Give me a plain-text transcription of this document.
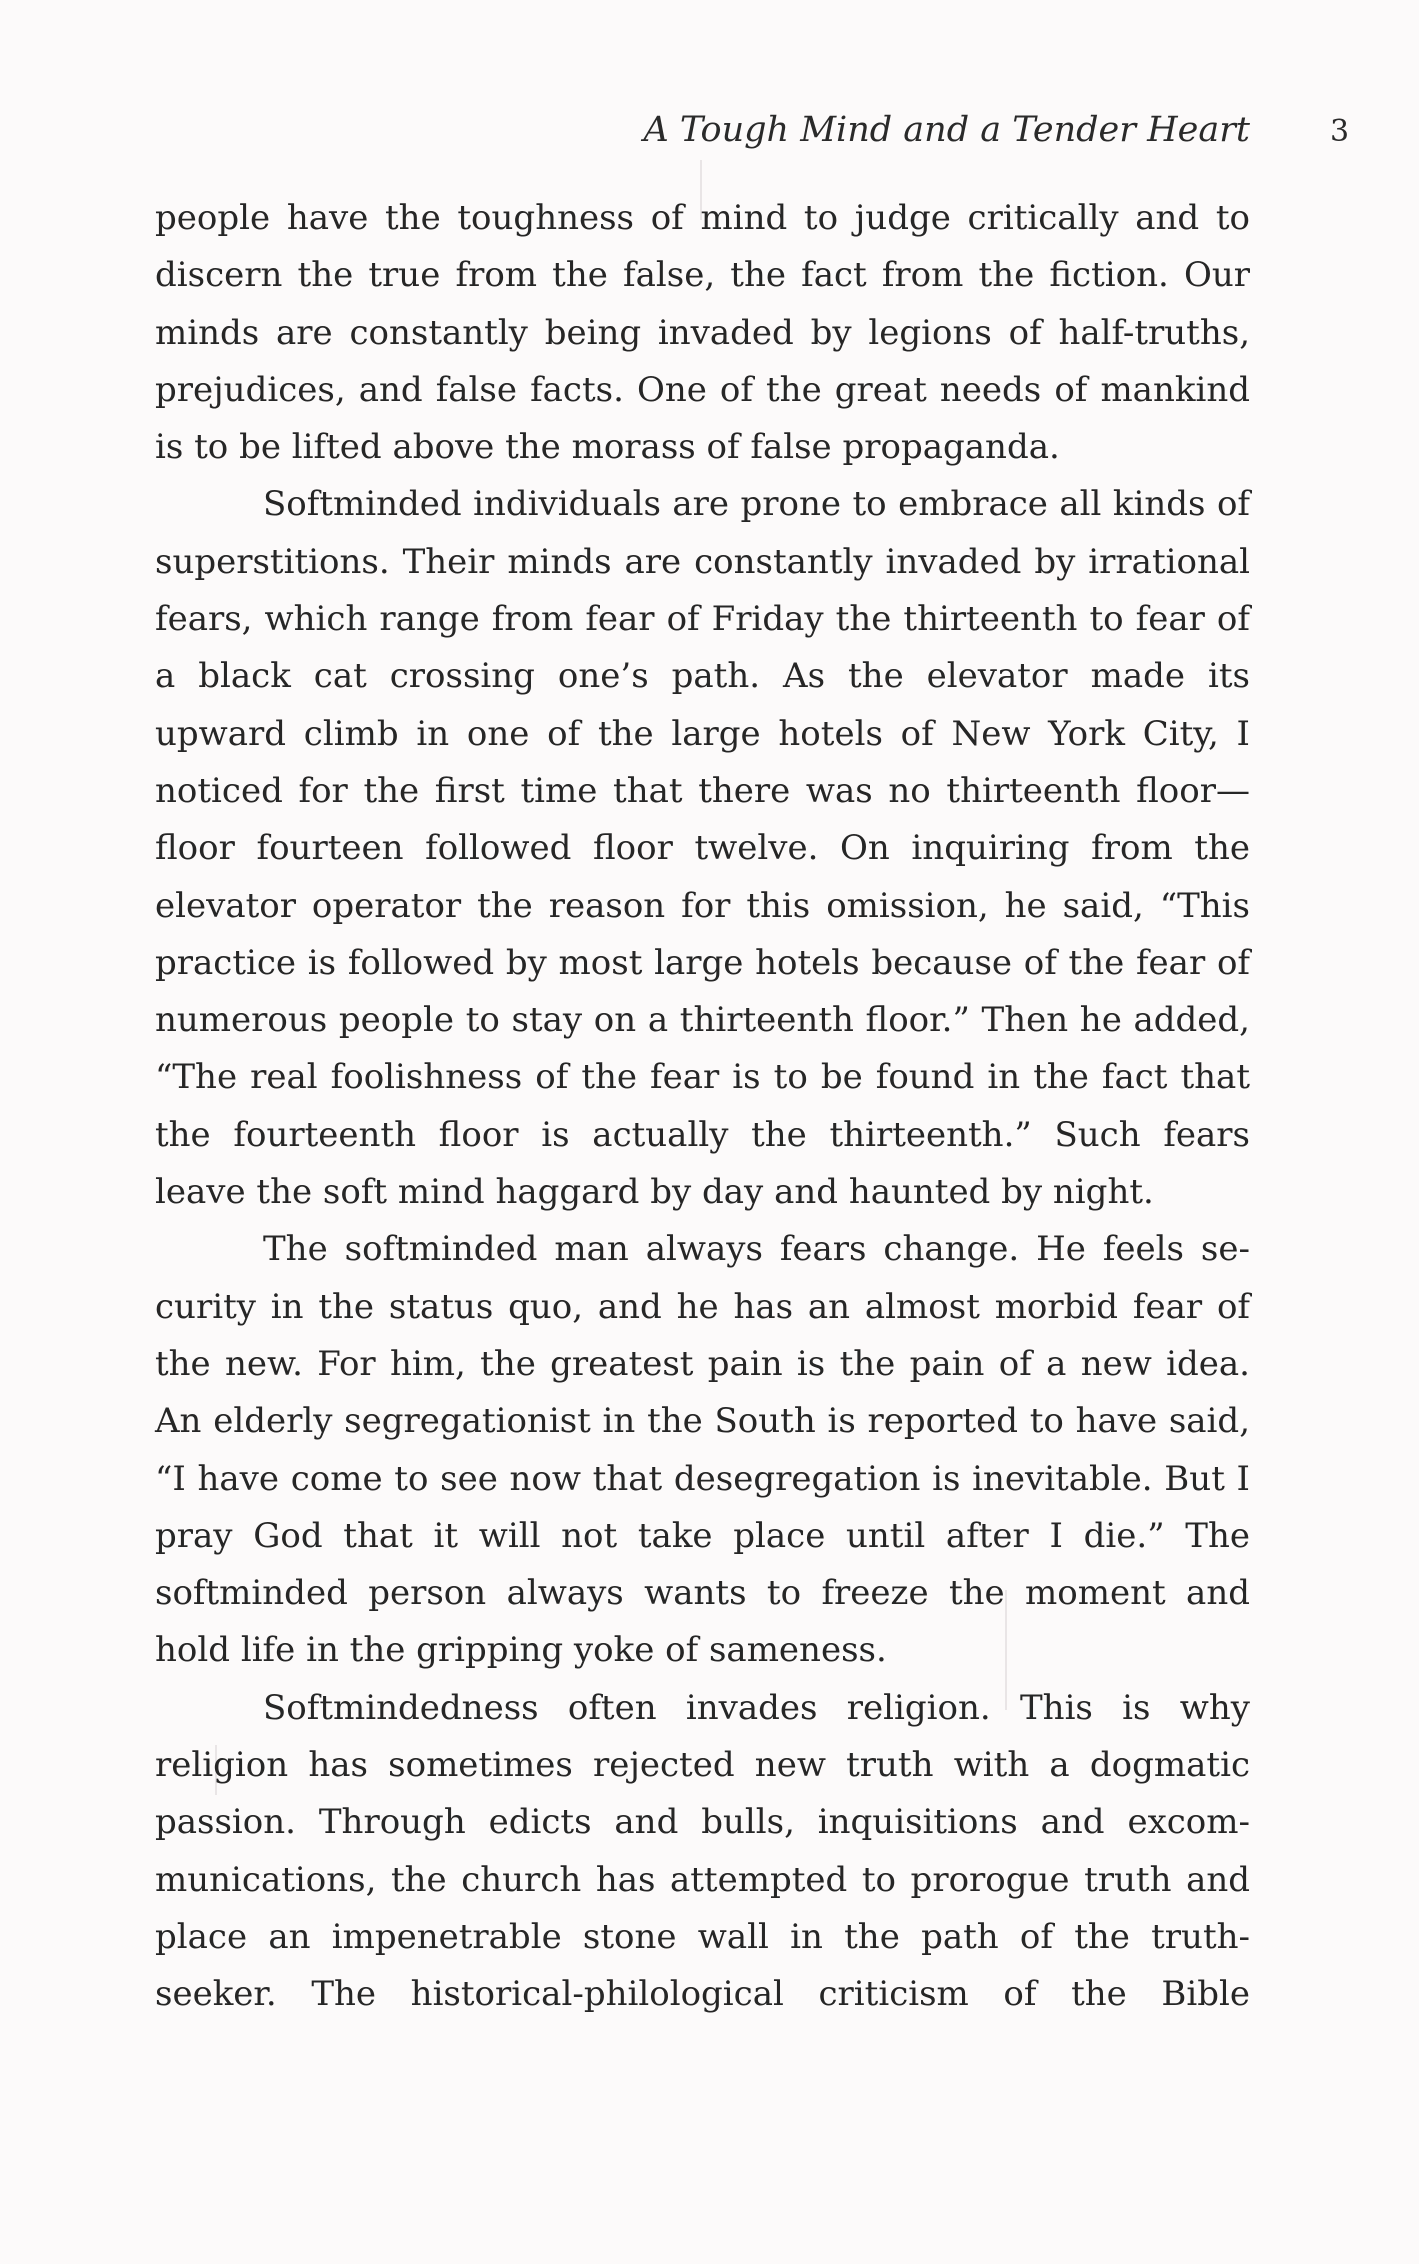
A Tough Mind and a Tender Heart	3

people have the toughness of mind to judge critically and to discern the true from the false, the fact from the fiction. Our minds are constantly being invaded by legions of half-truths, prejudices, and false facts. One of the great needs of mankind is to be lifted above the morass of false propaganda.

Softminded individuals are prone to embrace all kinds of superstitions. Their minds are constantly invaded by irrational fears, which range from fear of Friday the thirteenth to fear of a black cat crossing one’s path. As the elevator made its upward climb in one of the large hotels of New York City, I noticed for the first time that there was no thirteenth floor—floor fourteen followed floor twelve. On inquiring from the elevator operator the reason for this omission, he said, “This practice is followed by most large hotels because of the fear of numerous people to stay on a thirteenth floor.” Then he added, “The real foolishness of the fear is to be found in the fact that the fourteenth floor is actually the thirteenth.” Such fears leave the soft mind haggard by day and haunted by night.

The softminded man always fears change. He feels security in the status quo, and he has an almost morbid fear of the new. For him, the greatest pain is the pain of a new idea. An elderly segregationist in the South is reported to have said, “I have come to see now that desegregation is inevitable. But I pray God that it will not take place until after I die.” The softminded person always wants to freeze the moment and hold life in the gripping yoke of sameness.

Softmindedness often invades religion. This is why religion has sometimes rejected new truth with a dogmatic passion. Through edicts and bulls, inquisitions and excommunications, the church has attempted to prorogue truth and place an impenetrable stone wall in the path of the truth-seeker. The historical-philological criticism of the Bible
